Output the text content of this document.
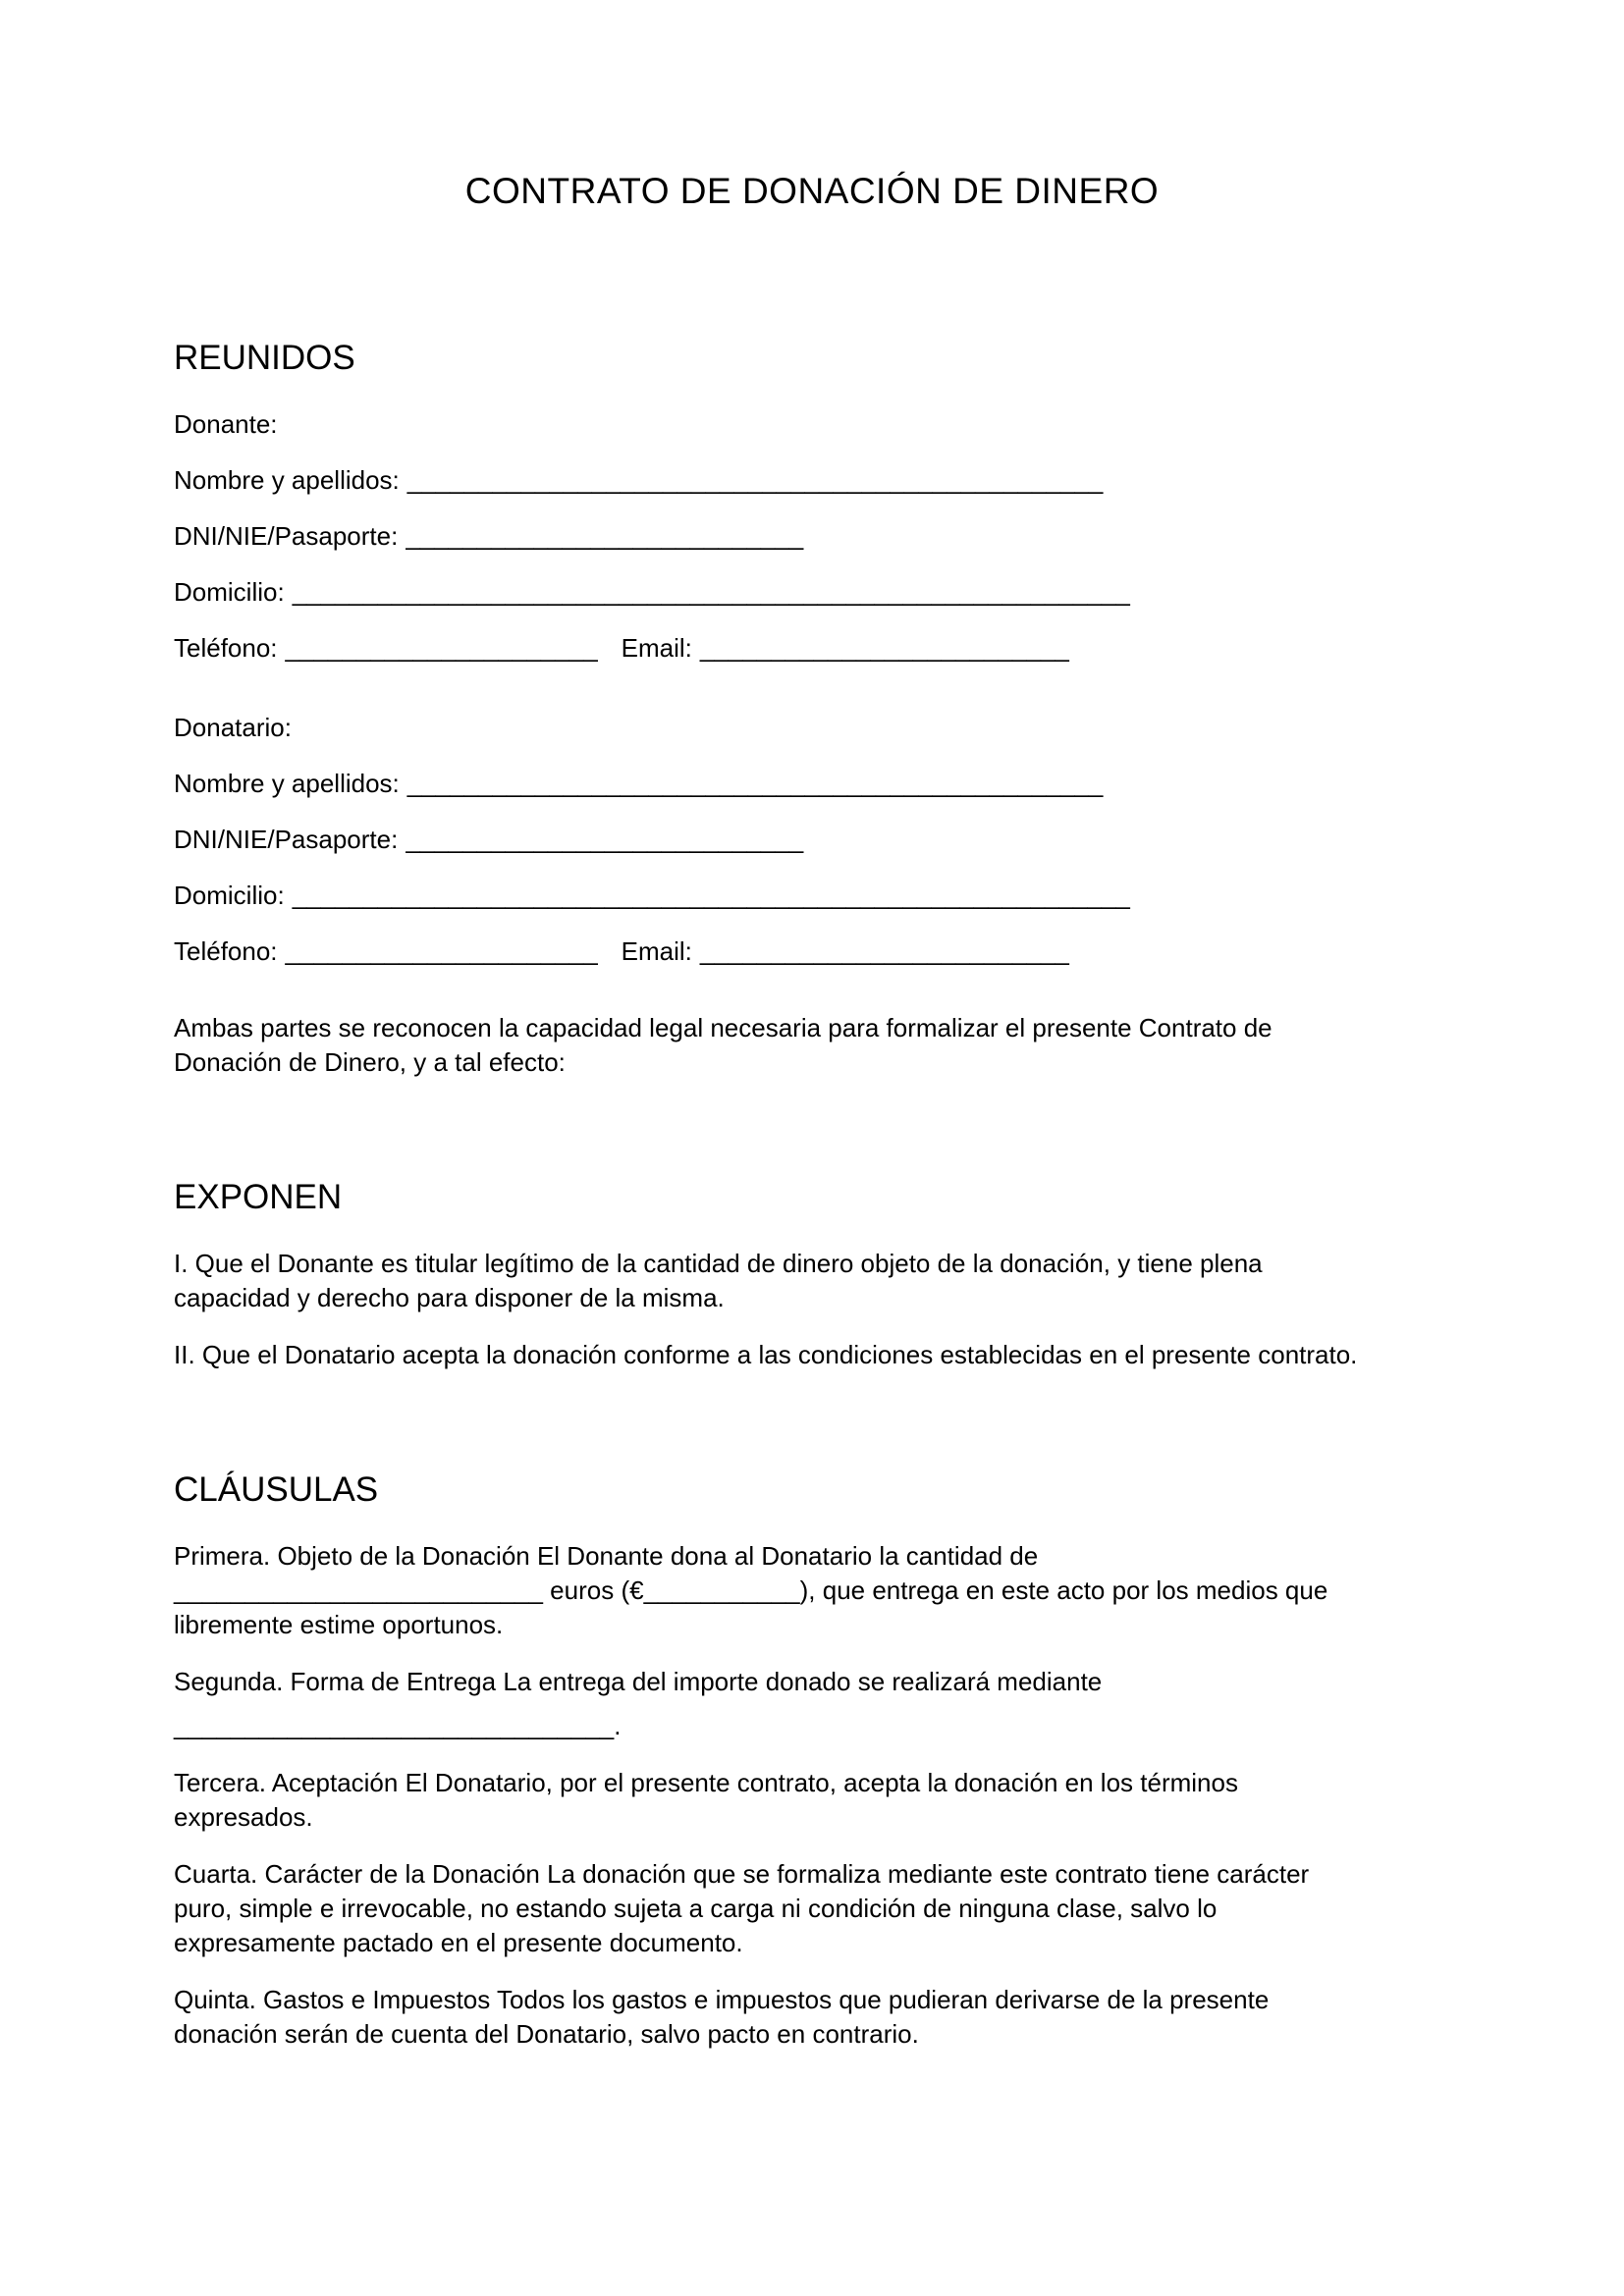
CONTRATO DE DONACIÓN DE DINERO
REUNIDOS

Donante:

Nombre y apellidos: _________________________________________________

DNI/NIE/Pasaporte: ____________________________

Domicilio: ___________________________________________________________

Teléfono: ______________________ Email: __________________________

Donatario:

Nombre y apellidos: _________________________________________________

DNI/NIE/Pasaporte: ____________________________

Domicilio: ___________________________________________________________

Teléfono: ______________________ Email: __________________________

Ambas partes se reconocen la capacidad legal necesaria para formalizar el presente Contrato de
Donación de Dinero, y a tal efecto:

EXPONEN

I. Que el Donante es titular legítimo de la cantidad de dinero objeto de la donación, y tiene plena
capacidad y derecho para disponer de la misma.

II. Que el Donatario acepta la donación conforme a las condiciones establecidas en el presente contrato.

CLÁUSULAS

Primera. Objeto de la Donación El Donante dona al Donatario la cantidad de
__________________________ euros (€___________), que entrega en este acto por los medios que
libremente estime oportunos.

Segunda. Forma de Entrega La entrega del importe donado se realizará mediante
_______________________________.

Tercera. Aceptación El Donatario, por el presente contrato, acepta la donación en los términos
expresados.

Cuarta. Carácter de la Donación La donación que se formaliza mediante este contrato tiene carácter
puro, simple e irrevocable, no estando sujeta a carga ni condición de ninguna clase, salvo lo
expresamente pactado en el presente documento.

Quinta. Gastos e Impuestos Todos los gastos e impuestos que pudieran derivarse de la presente
donación serán de cuenta del Donatario, salvo pacto en contrario.
